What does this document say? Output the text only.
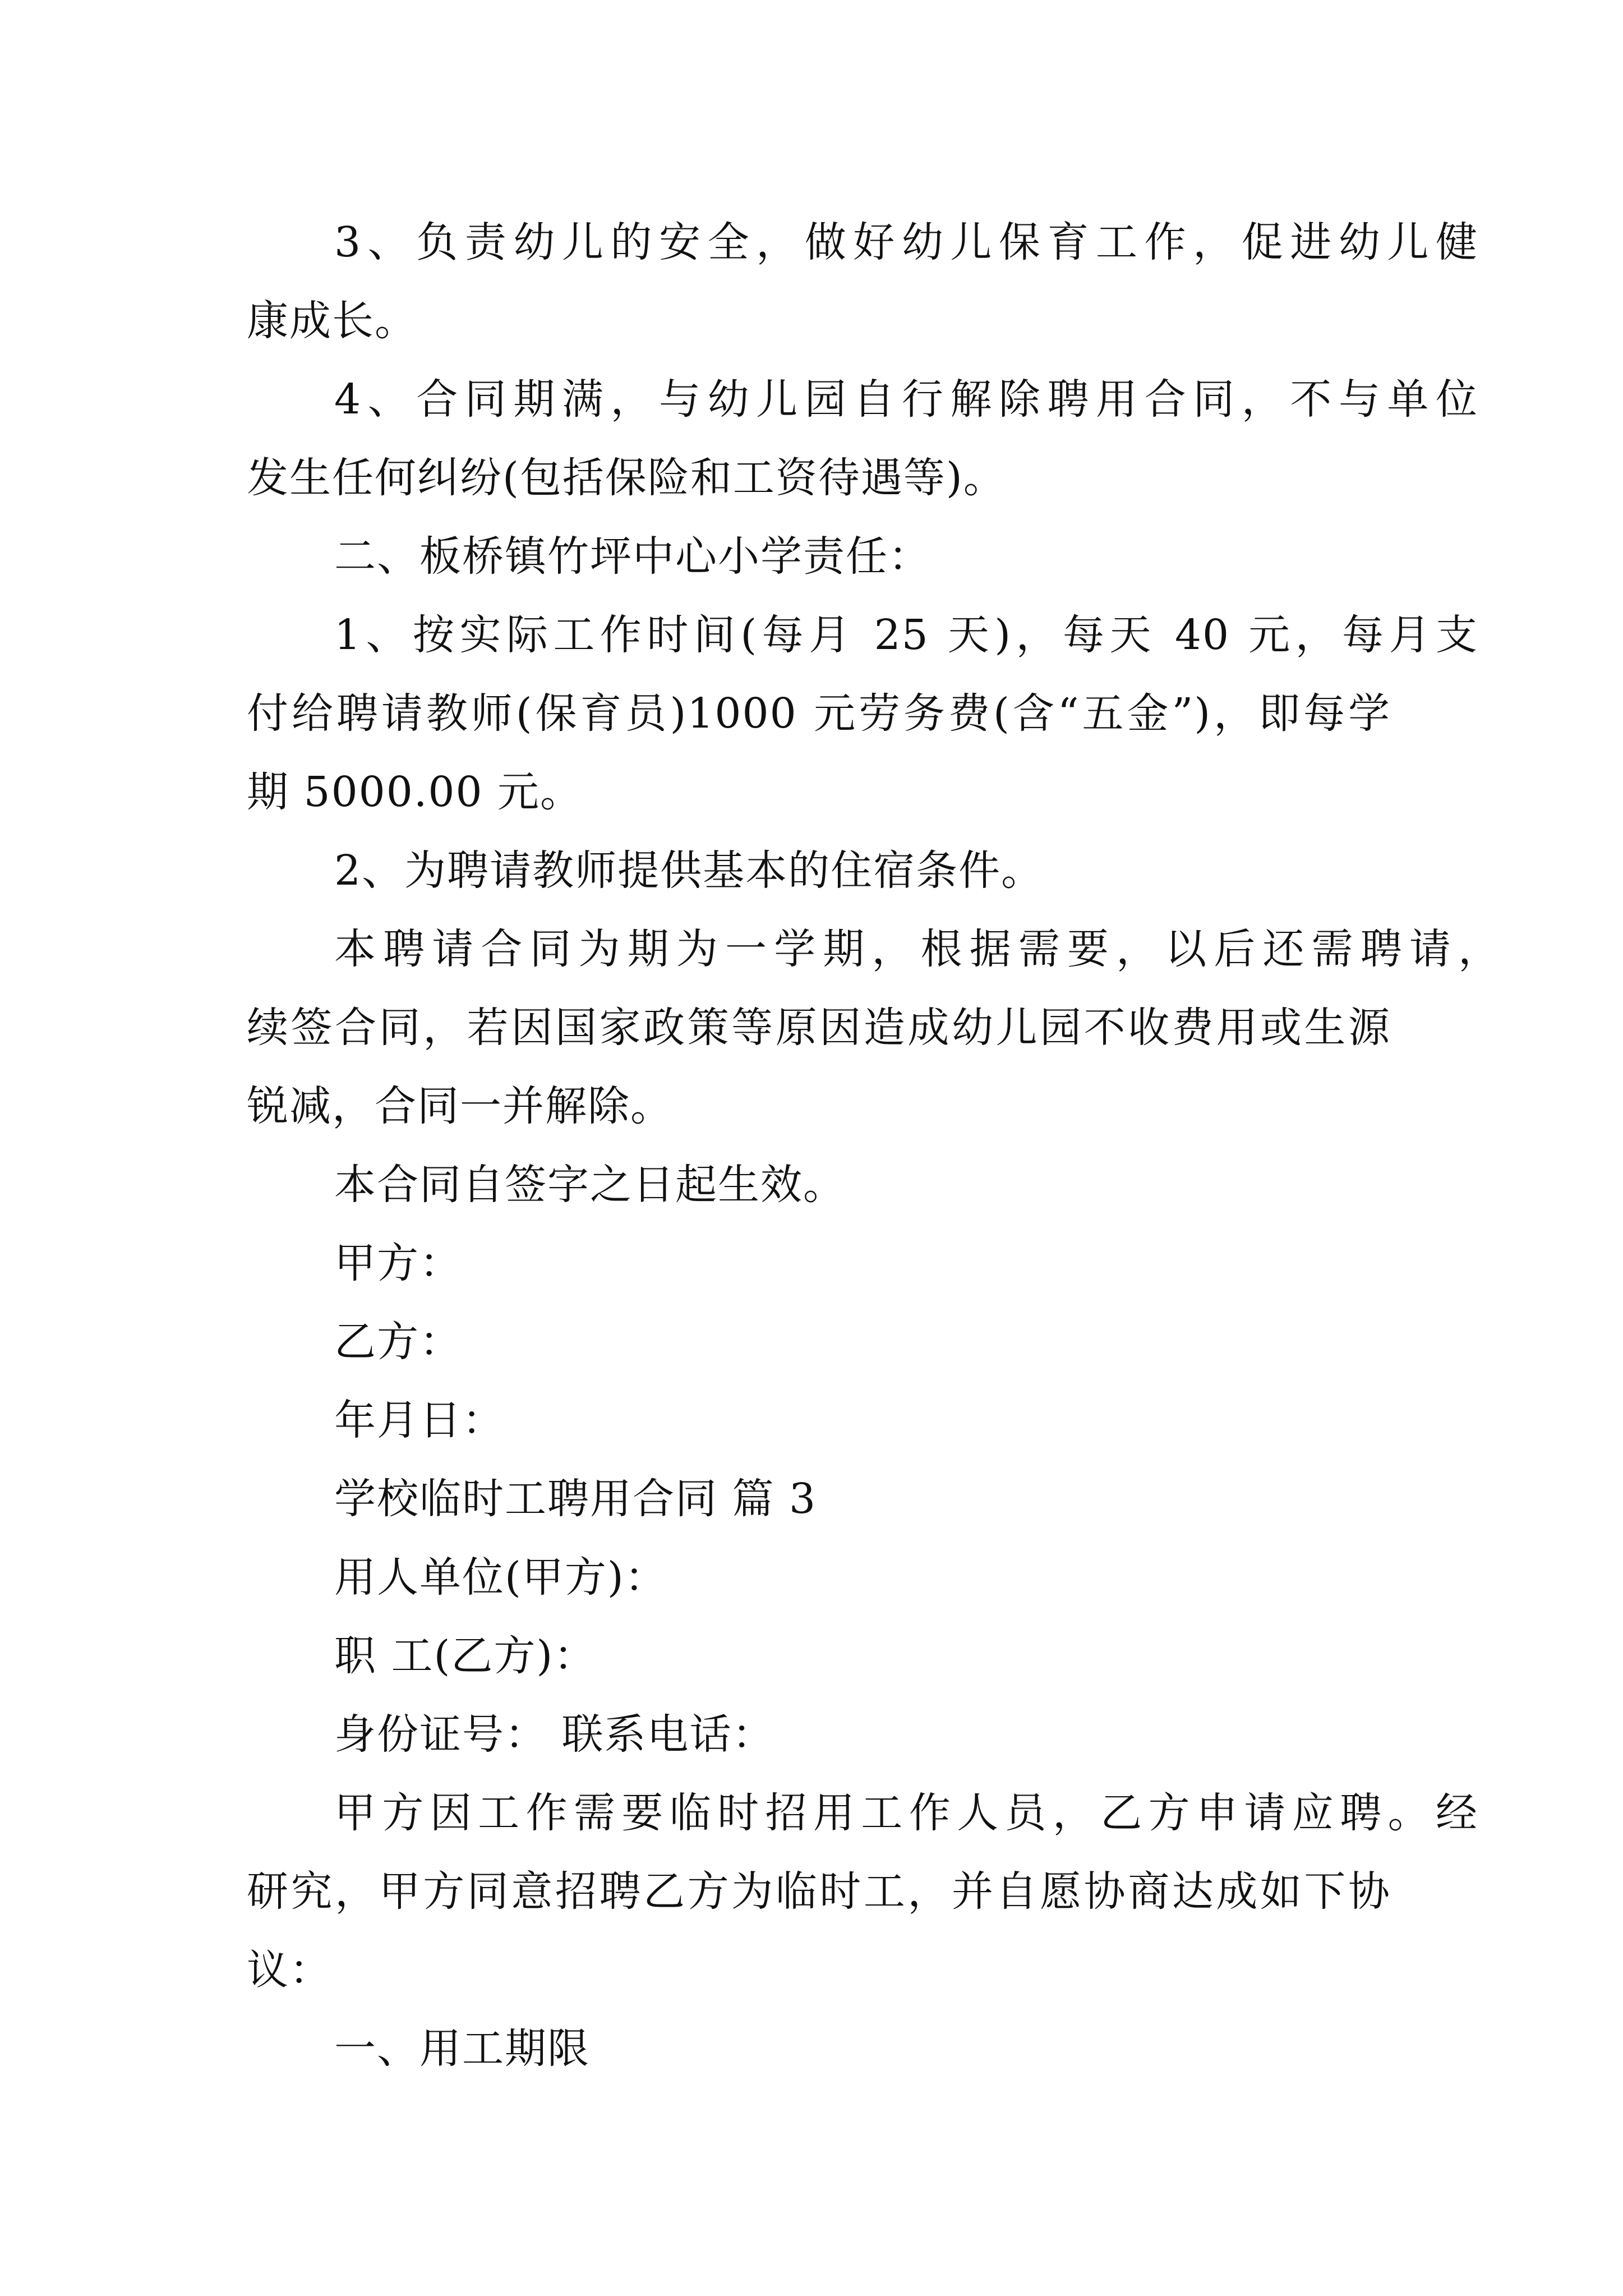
3、负责幼儿的安全，做好幼儿保育工作，促进幼儿健
康成长。
4、合同期满，与幼儿园自行解除聘用合同，不与单位
发生任何纠纷(包括保险和工资待遇等)。
二、板桥镇竹坪中心小学责任：
1、按实际工作时间(每月 25 天)，每天 40 元，每月支
付给聘请教师(保育员)1000 元劳务费(含“五金”)，即每学
期 5000.00 元。
2、为聘请教师提供基本的住宿条件。
本聘请合同为期为一学期，根据需要，以后还需聘请，
续签合同，若因国家政策等原因造成幼儿园不收费用或生源
锐减，合同一并解除。
本合同自签字之日起生效。
甲方：
乙方：
年月日：
学校临时工聘用合同 篇 3
用人单位(甲方)：
职 工(乙方)：
身份证号： 联系电话：
甲方因工作需要临时招用工作人员，乙方申请应聘。经
研究，甲方同意招聘乙方为临时工，并自愿协商达成如下协
议：
一、用工期限
